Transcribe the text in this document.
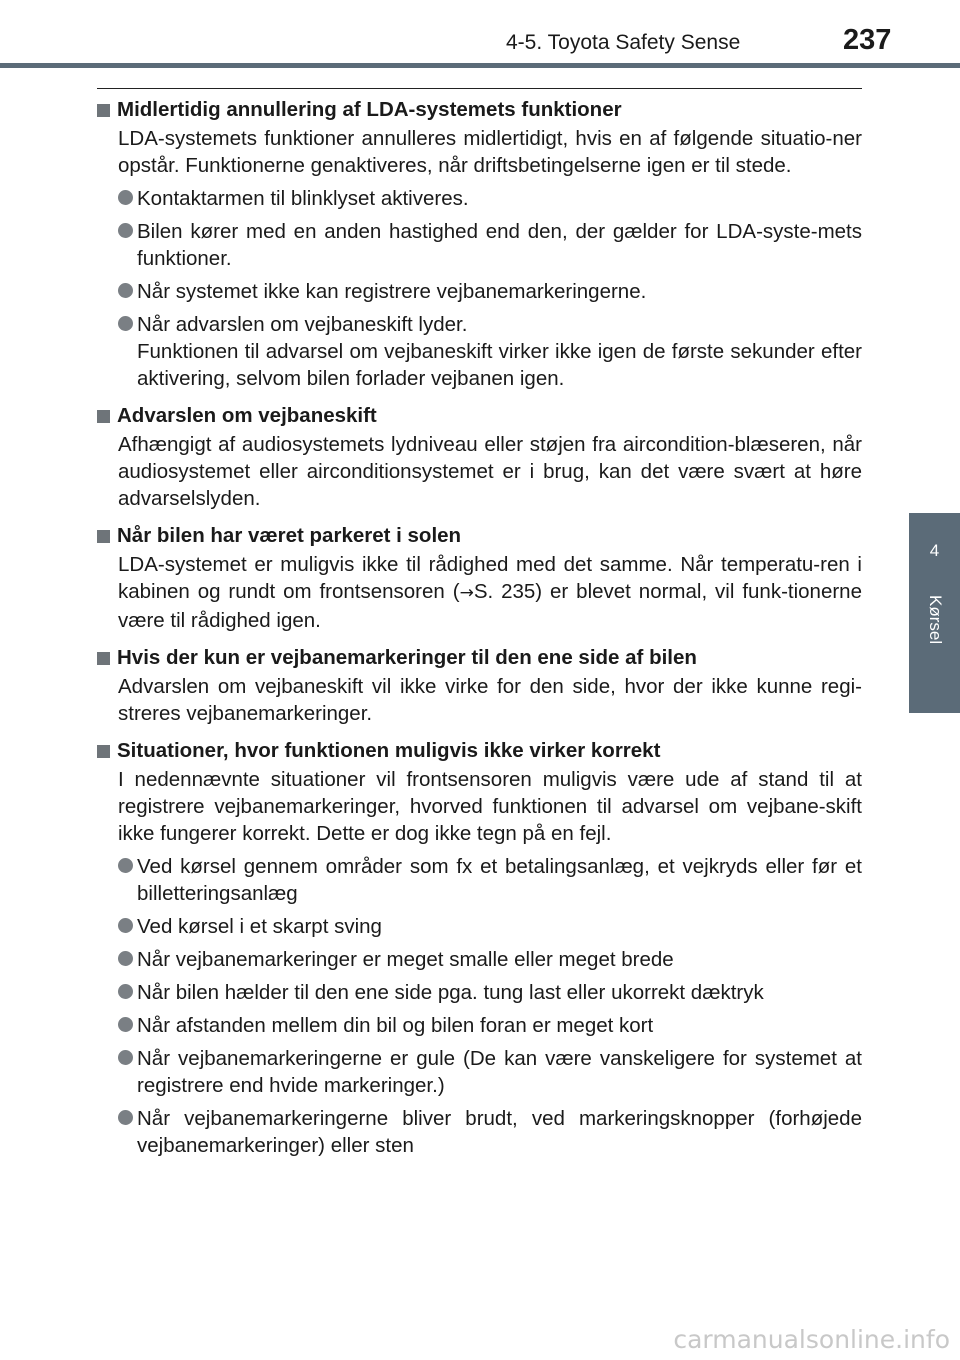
4-5. Toyota Safety Sense	237
4
Kørsel
Midlertidig annullering af LDA-systemets funktioner
LDA-systemets funktioner annulleres midlertidigt, hvis en af følgende situatio-ner opstår. Funktionerne genaktiveres, når driftsbetingelserne igen er til stede.
Kontaktarmen til blinklyset aktiveres.
Bilen kører med en anden hastighed end den, der gælder for LDA-syste-mets funktioner.
Når systemet ikke kan registrere vejbanemarkeringerne.
Når advarslen om vejbaneskift lyder.
Funktionen til advarsel om vejbaneskift virker ikke igen de første sekunder efter aktivering, selvom bilen forlader vejbanen igen.
Advarslen om vejbaneskift
Afhængigt af audiosystemets lydniveau eller støjen fra aircondition-blæseren, når audiosystemet eller airconditionsystemet er i brug, kan det være svært at høre advarselslyden.
Når bilen har været parkeret i solen
LDA-systemet er muligvis ikke til rådighed med det samme. Når temperatu-ren i kabinen og rundt om frontsensoren (→S. 235) er blevet normal, vil funk-tionerne være til rådighed igen.
Hvis der kun er vejbanemarkeringer til den ene side af bilen
Advarslen om vejbaneskift vil ikke virke for den side, hvor der ikke kunne regi-streres vejbanemarkeringer.
Situationer, hvor funktionen muligvis ikke virker korrekt
I nedennævnte situationer vil frontsensoren muligvis være ude af stand til at registrere vejbanemarkeringer, hvorved funktionen til advarsel om vejbane-skift ikke fungerer korrekt. Dette er dog ikke tegn på en fejl.
Ved kørsel gennem områder som fx et betalingsanlæg, et vejkryds eller før et billetteringsanlæg
Ved kørsel i et skarpt sving
Når vejbanemarkeringer er meget smalle eller meget brede
Når bilen hælder til den ene side pga. tung last eller ukorrekt dæktryk
Når afstanden mellem din bil og bilen foran er meget kort
Når vejbanemarkeringerne er gule (De kan være vanskeligere for systemet at registrere end hvide markeringer.)
Når vejbanemarkeringerne bliver brudt, ved markeringsknopper (forhøjede vejbanemarkeringer) eller sten
carmanualsonline.info
